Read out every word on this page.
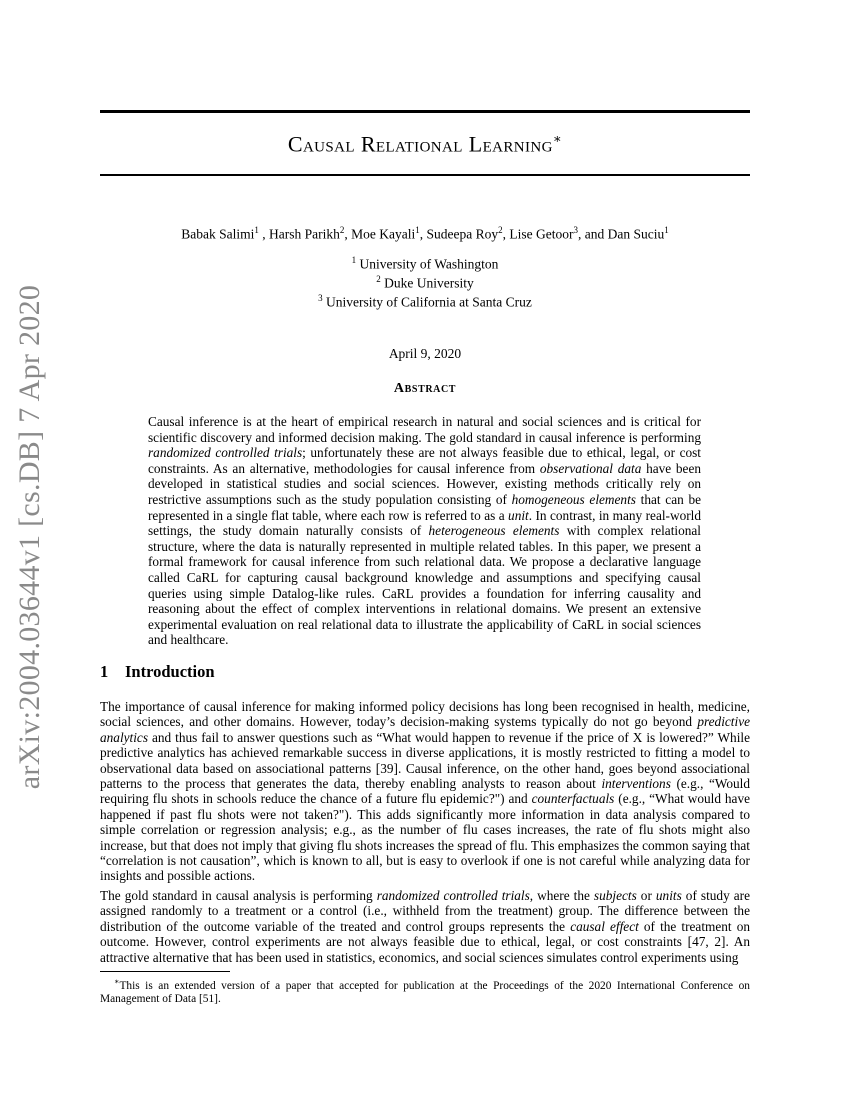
arXiv:2004.03644v1 [cs.DB] 7 Apr 2020
Causal Relational Learning∗
Babak Salimi$^1$ , Harsh Parikh$^2$, Moe Kayali$^1$, Sudeepa Roy$^2$, Lise Getoor$^3$, and Dan Suciu$^1$
$^1$ University of Washington
$^2$ Duke University
$^3$ University of California at Santa Cruz
April 9, 2020
Abstract
Causal inference is at the heart of empirical research in natural and social sciences and is critical for scientific discovery and informed decision making. The gold standard in causal inference is performing randomized controlled trials; unfortunately these are not always feasible due to ethical, legal, or cost constraints. As an alternative, methodologies for causal inference from observational data have been developed in statistical studies and social sciences. However, existing methods critically rely on restrictive assumptions such as the study population consisting of homogeneous elements that can be represented in a single flat table, where each row is referred to as a unit. In contrast, in many real-world settings, the study domain naturally consists of heterogeneous elements with complex relational structure, where the data is naturally represented in multiple related tables. In this paper, we present a formal framework for causal inference from such relational data. We propose a declarative language called CaRL for capturing causal background knowledge and assumptions and specifying causal queries using simple Datalog-like rules. CaRL provides a foundation for inferring causality and reasoning about the effect of complex interventions in relational domains. We present an extensive experimental evaluation on real relational data to illustrate the applicability of CaRL in social sciences and healthcare.
1 Introduction
The importance of causal inference for making informed policy decisions has long been recognised in health, medicine, social sciences, and other domains. However, today’s decision-making systems typically do not go beyond predictive analytics and thus fail to answer questions such as “What would happen to revenue if the price of X is lowered?” While predictive analytics has achieved remarkable success in diverse applications, it is mostly restricted to fitting a model to observational data based on associational patterns [39]. Causal inference, on the other hand, goes beyond associational patterns to the process that generates the data, thereby enabling analysts to reason about interventions (e.g., “Would requiring flu shots in schools reduce the chance of a future flu epidemic?") and counterfactuals (e.g., “What would have happened if past flu shots were not taken?"). This adds significantly more information in data analysis compared to simple correlation or regression analysis; e.g., as the number of flu cases increases, the rate of flu shots might also increase, but that does not imply that giving flu shots increases the spread of flu. This emphasizes the common saying that “correlation is not causation”, which is known to all, but is easy to overlook if one is not careful while analyzing data for insights and possible actions.
The gold standard in causal analysis is performing randomized controlled trials, where the subjects or units of study are assigned randomly to a treatment or a control (i.e., withheld from the treatment) group. The difference between the distribution of the outcome variable of the treated and control groups represents the causal effect of the treatment on outcome. However, control experiments are not always feasible due to ethical, legal, or cost constraints [47, 2]. An attractive alternative that has been used in statistics, economics, and social sciences simulates control experiments using
∗This is an extended version of a paper that accepted for publication at the Proceedings of the 2020 International Conference on Management of Data [51].
